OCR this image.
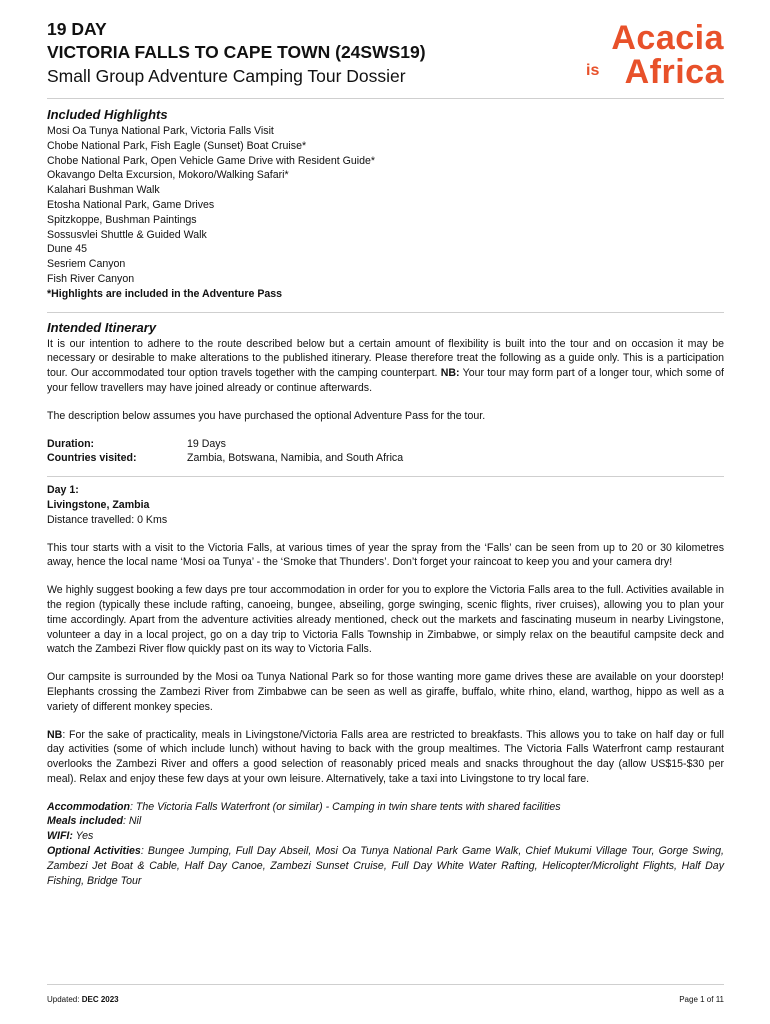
19 DAY
VICTORIA FALLS TO CAPE TOWN (24SWS19)
Small Group Adventure Camping Tour Dossier
Acacia
is Africa
Included Highlights
Mosi Oa Tunya National Park, Victoria Falls Visit
Chobe National Park, Fish Eagle (Sunset) Boat Cruise*
Chobe National Park, Open Vehicle Game Drive with Resident Guide*
Okavango Delta Excursion, Mokoro/Walking Safari*
Kalahari Bushman Walk
Etosha National Park, Game Drives
Spitzkoppe, Bushman Paintings
Sossusvlei Shuttle & Guided Walk
Dune 45
Sesriem Canyon
Fish River Canyon
*Highlights are included in the Adventure Pass
Intended Itinerary

It is our intention to adhere to the route described below but a certain amount of flexibility is built into the tour and on occasion it may be necessary or desirable to make alterations to the published itinerary. Please therefore treat the following as a guide only. This is a participation tour. Our accommodated tour option travels together with the camping counterpart. NB: Your tour may form part of a longer tour, which some of your fellow travellers may have joined already or continue afterwards.

The description below assumes you have purchased the optional Adventure Pass for the tour.

Duration:	19 Days
Countries visited:	Zambia, Botswana, Namibia, and South Africa
Day 1:
Livingstone, Zambia
Distance travelled: 0 Kms

This tour starts with a visit to the Victoria Falls, at various times of year the spray from the ‘Falls’ can be seen from up to 20 or 30 kilometres away, hence the local name ‘Mosi oa Tunya’ - the ‘Smoke that Thunders’. Don’t forget your raincoat to keep you and your camera dry!

We highly suggest booking a few days pre tour accommodation in order for you to explore the Victoria Falls area to the full. Activities available in the region (typically these include rafting, canoeing, bungee, abseiling, gorge swinging, scenic flights, river cruises), allowing you to plan your time accordingly. Apart from the adventure activities already mentioned, check out the markets and fascinating museum in nearby Livingstone, volunteer a day in a local project, go on a day trip to Victoria Falls Township in Zimbabwe, or simply relax on the beautiful campsite deck and watch the Zambezi River flow quickly past on its way to Victoria Falls.

Our campsite is surrounded by the Mosi oa Tunya National Park so for those wanting more game drives these are available on your doorstep! Elephants crossing the Zambezi River from Zimbabwe can be seen as well as giraffe, buffalo, white rhino, eland, warthog, hippo as well as a variety of different monkey species.

NB: For the sake of practicality, meals in Livingstone/Victoria Falls area are restricted to breakfasts. This allows you to take on half day or full day activities (some of which include lunch) without having to back with the group mealtimes. The Victoria Falls Waterfront camp restaurant overlooks the Zambezi River and offers a good selection of reasonably priced meals and snacks throughout the day (allow US$15-$30 per meal). Relax and enjoy these few days at your own leisure. Alternatively, take a taxi into Livingstone to try local fare.

Accommodation: The Victoria Falls Waterfront (or similar) - Camping in twin share tents with shared facilities

Meals included: Nil

WIFI: Yes

Optional Activities: Bungee Jumping, Full Day Abseil, Mosi Oa Tunya National Park Game Walk, Chief Mukumi Village Tour, Gorge Swing, Zambezi Jet Boat & Cable, Half Day Canoe, Zambezi Sunset Cruise, Full Day White Water Rafting, Helicopter/Microlight Flights, Half Day Fishing, Bridge Tour

Updated: DEC 2023	Page 1 of 11
